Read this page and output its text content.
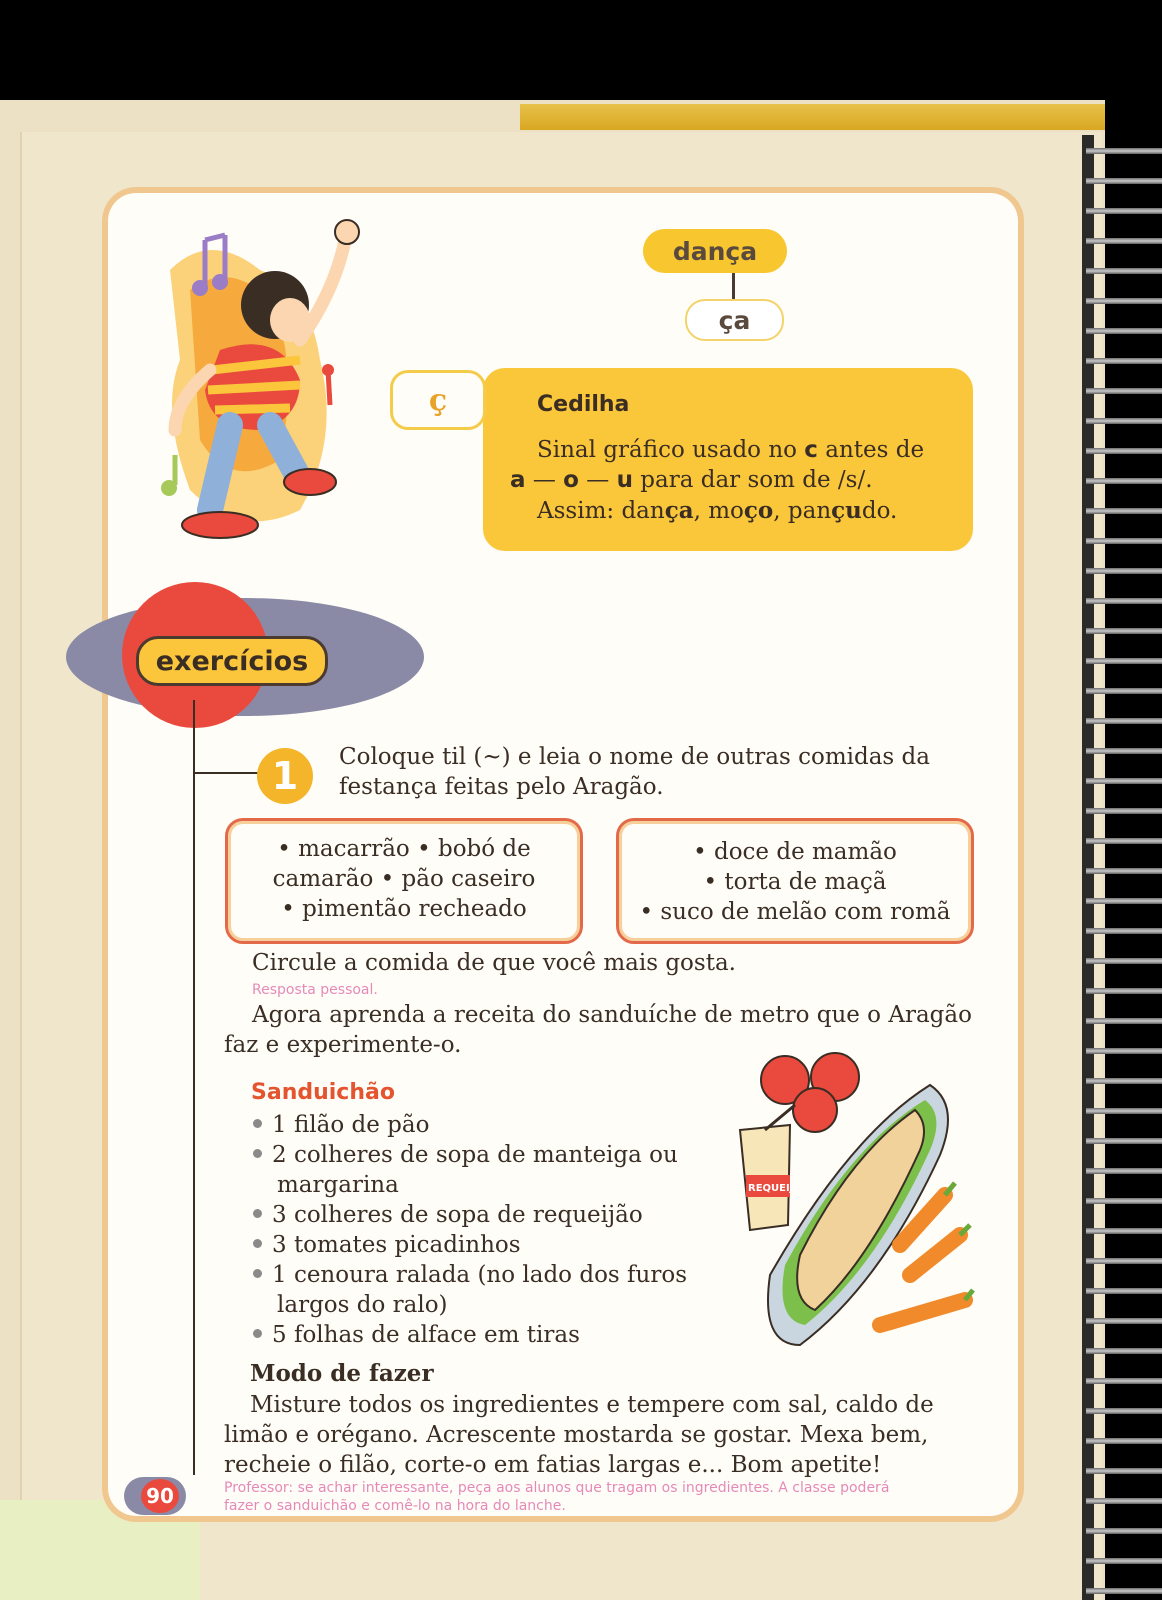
dança
ça
ç	Cedilha
Sinal gráfico usado no c antes de
a — o — u para dar som de /s/.
Assim: dança, moço, pançudo.
exercícios
1	Coloque til (~) e leia o nome de outras comidas da
festança feitas pelo Aragão.
• macarrão • bobó de
camarão • pão caseiro
• pimentão recheado
• doce de mamão
• torta de maçã
• suco de melão com romã
Circule a comida de que você mais gosta.
Resposta pessoal.
Agora aprenda a receita do sanduíche de metro que o Aragão
faz e experimente-o.
Sanduichão
1 filão de pão
2 colheres de sopa de manteiga ou
margarina
3 colheres de sopa de requeijão
3 tomates picadinhos
1 cenoura ralada (no lado dos furos
largos do ralo)
5 folhas de alface em tiras
REQUEIJ
Modo de fazer
Misture todos os ingredientes e tempere com sal, caldo de
limão e orégano. Acrescente mostarda se gostar. Mexa bem,
recheie o filão, corte-o em fatias largas e... Bom apetite!
Professor: se achar interessante, peça aos alunos que tragam os ingredientes. A classe poderá
fazer o sanduichão e comê-lo na hora do lanche.
90
